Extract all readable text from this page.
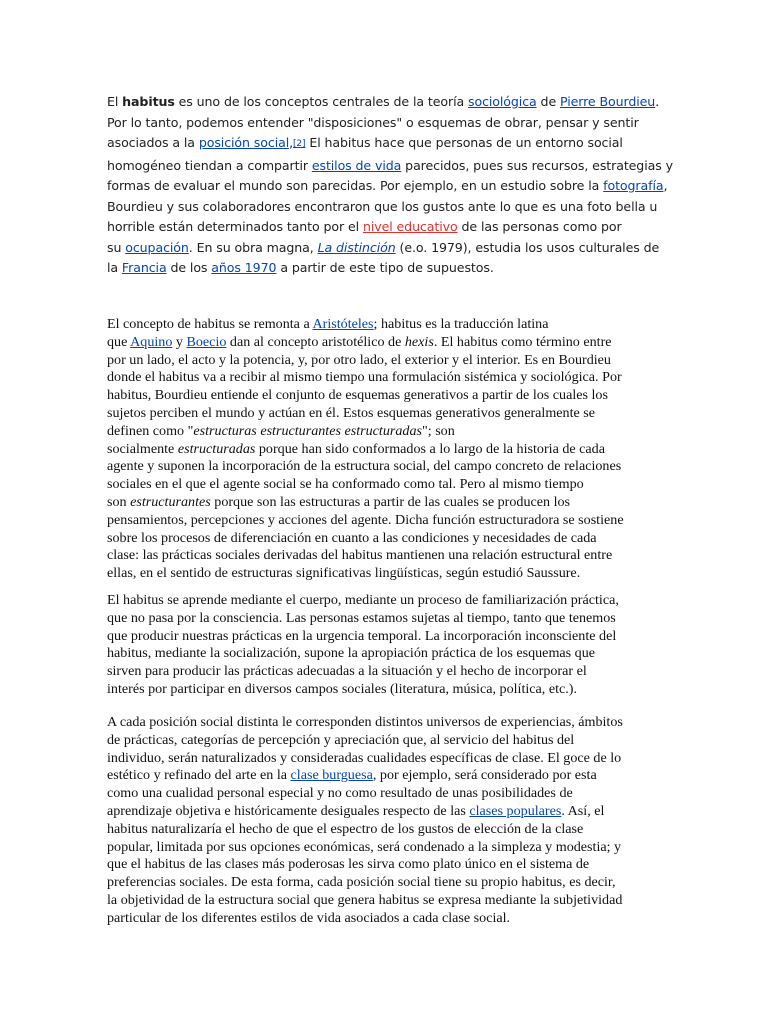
El habitus es uno de los conceptos centrales de la teoría sociológica de Pierre Bourdieu.
Por lo tanto, podemos entender "disposiciones" o esquemas de obrar, pensar y sentir
asociados a la posición social,[2] El habitus hace que personas de un entorno social
homogéneo tiendan a compartir estilos de vida parecidos, pues sus recursos, estrategias y
formas de evaluar el mundo son parecidas. Por ejemplo, en un estudio sobre la fotografía,
Bourdieu y sus colaboradores encontraron que los gustos ante lo que es una foto bella u
horrible están determinados tanto por el nivel educativo de las personas como por
su ocupación. En su obra magna, La distinción (e.o. 1979), estudia los usos culturales de
la Francia de los años 1970 a partir de este tipo de supuestos.
El concepto de habitus se remonta a Aristóteles; habitus es la traducción latina
que Aquino y Boecio dan al concepto aristotélico de hexis. El habitus como término entre
por un lado, el acto y la potencia, y, por otro lado, el exterior y el interior. Es en Bourdieu
donde el habitus va a recibir al mismo tiempo una formulación sistémica y sociológica. Por
habitus, Bourdieu entiende el conjunto de esquemas generativos a partir de los cuales los
sujetos perciben el mundo y actúan en él. Estos esquemas generativos generalmente se
definen como "estructuras estructurantes estructuradas"; son
socialmente estructuradas porque han sido conformados a lo largo de la historia de cada
agente y suponen la incorporación de la estructura social, del campo concreto de relaciones
sociales en el que el agente social se ha conformado como tal. Pero al mismo tiempo
son estructurantes porque son las estructuras a partir de las cuales se producen los
pensamientos, percepciones y acciones del agente. Dicha función estructuradora se sostiene
sobre los procesos de diferenciación en cuanto a las condiciones y necesidades de cada
clase: las prácticas sociales derivadas del habitus mantienen una relación estructural entre
ellas, en el sentido de estructuras significativas lingüísticas, según estudió Saussure.
El habitus se aprende mediante el cuerpo, mediante un proceso de familiarización práctica,
que no pasa por la consciencia. Las personas estamos sujetas al tiempo, tanto que tenemos
que producir nuestras prácticas en la urgencia temporal. La incorporación inconsciente del
habitus, mediante la socialización, supone la apropiación práctica de los esquemas que
sirven para producir las prácticas adecuadas a la situación y el hecho de incorporar el
interés por participar en diversos campos sociales (literatura, música, política, etc.).
A cada posición social distinta le corresponden distintos universos de experiencias, ámbitos
de prácticas, categorías de percepción y apreciación que, al servicio del habitus del
individuo, serán naturalizados y consideradas cualidades específicas de clase. El goce de lo
estético y refinado del arte en la clase burguesa, por ejemplo, será considerado por esta
como una cualidad personal especial y no como resultado de unas posibilidades de
aprendizaje objetiva e históricamente desiguales respecto de las clases populares. Así, el
habitus naturalizaría el hecho de que el espectro de los gustos de elección de la clase
popular, limitada por sus opciones económicas, será condenado a la simpleza y modestia; y
que el habitus de las clases más poderosas les sirva como plato único en el sistema de
preferencias sociales. De esta forma, cada posición social tiene su propio habitus, es decir,
la objetividad de la estructura social que genera habitus se expresa mediante la subjetividad
particular de los diferentes estilos de vida asociados a cada clase social.
